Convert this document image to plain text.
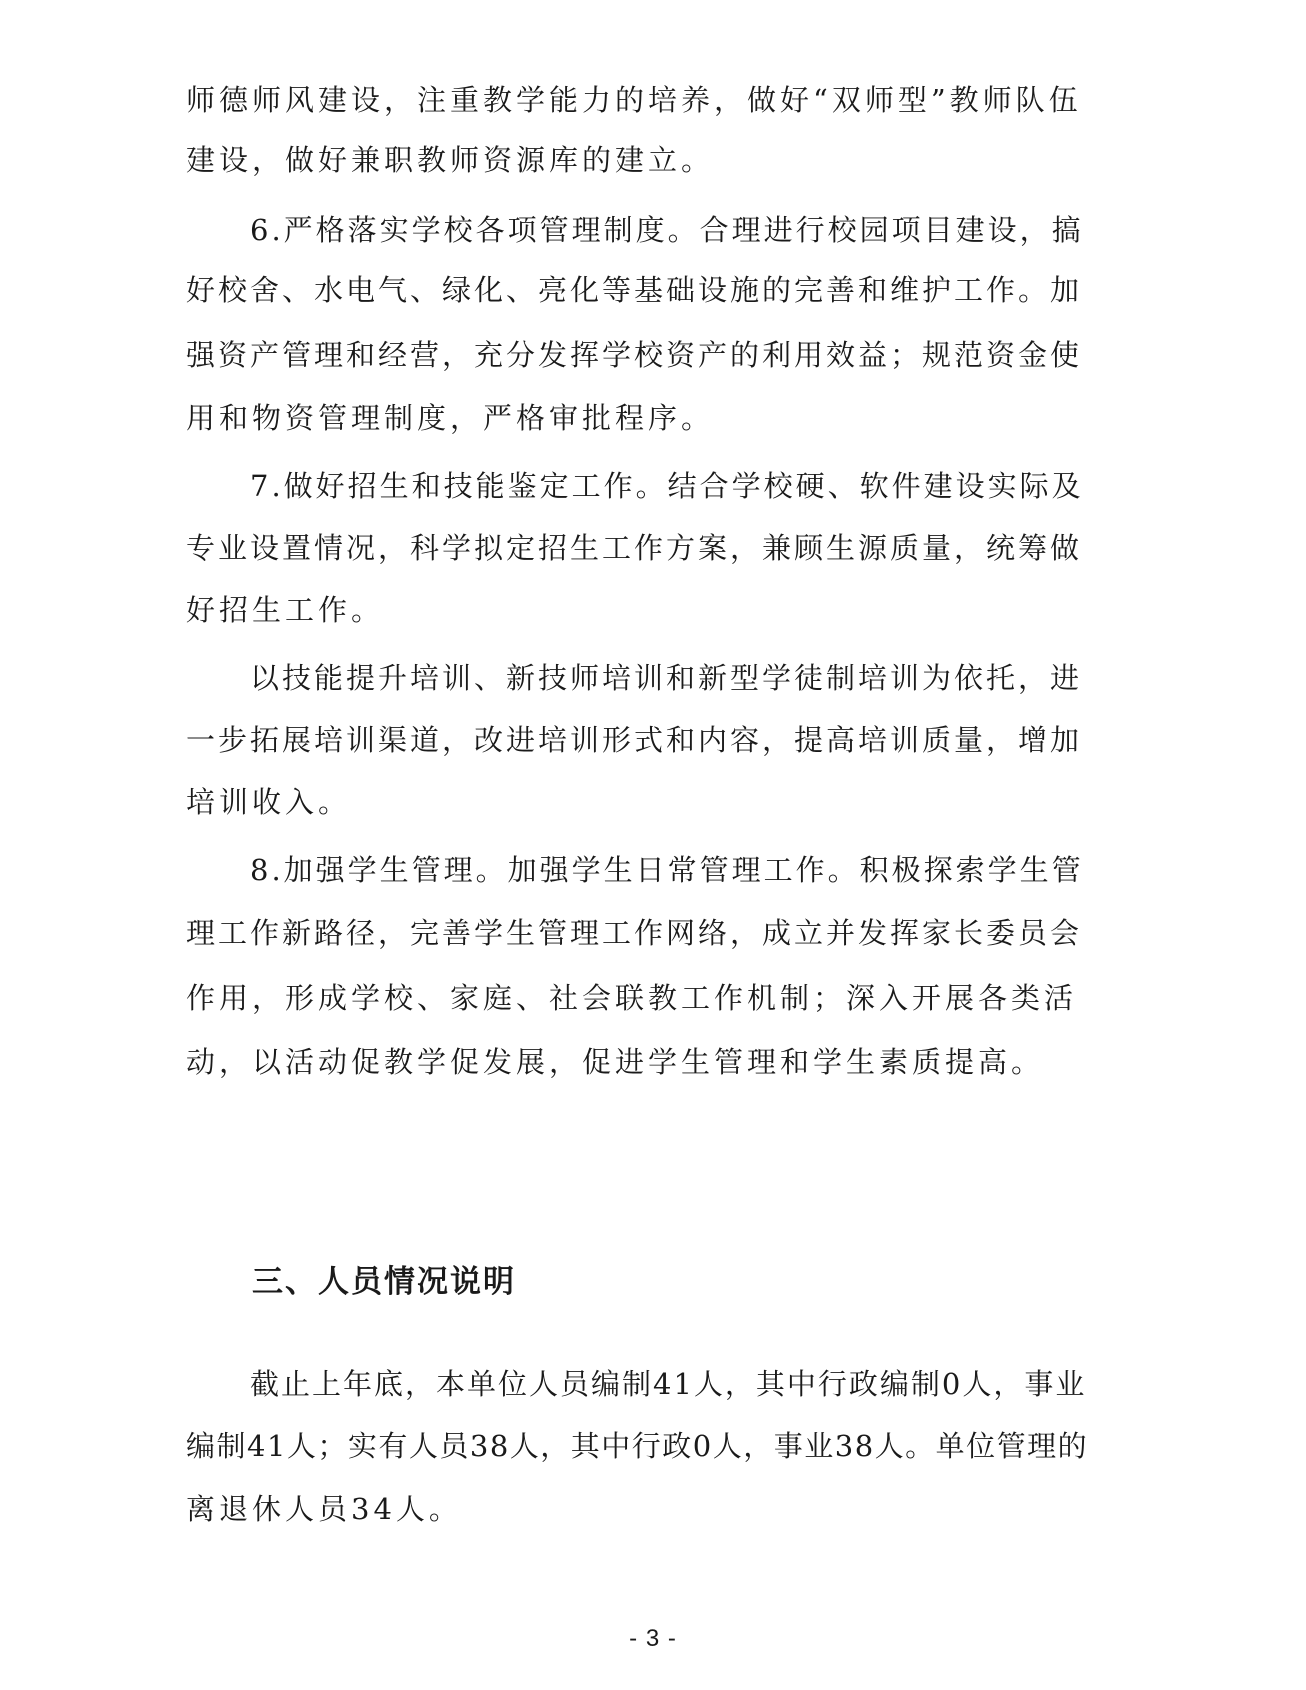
师德师风建设，注重教学能力的培养，做好“双师型”教师队伍
建设，做好兼职教师资源库的建立。
6.严格落实学校各项管理制度。合理进行校园项目建设，搞
好校舍、水电气、绿化、亮化等基础设施的完善和维护工作。加
强资产管理和经营，充分发挥学校资产的利用效益；规范资金使
用和物资管理制度，严格审批程序。
7.做好招生和技能鉴定工作。结合学校硬、软件建设实际及
专业设置情况，科学拟定招生工作方案，兼顾生源质量，统筹做
好招生工作。
以技能提升培训、新技师培训和新型学徒制培训为依托，进
一步拓展培训渠道，改进培训形式和内容，提高培训质量，增加
培训收入。
8.加强学生管理。加强学生日常管理工作。积极探索学生管
理工作新路径，完善学生管理工作网络，成立并发挥家长委员会
作用，形成学校、家庭、社会联教工作机制；深入开展各类活
动，以活动促教学促发展，促进学生管理和学生素质提高。
三、人员情况说明
截止上年底，本单位人员编制41人，其中行政编制0人，事业
编制41人；实有人员38人，其中行政0人，事业38人。单位管理的
离退休人员34人。
- 3 -
